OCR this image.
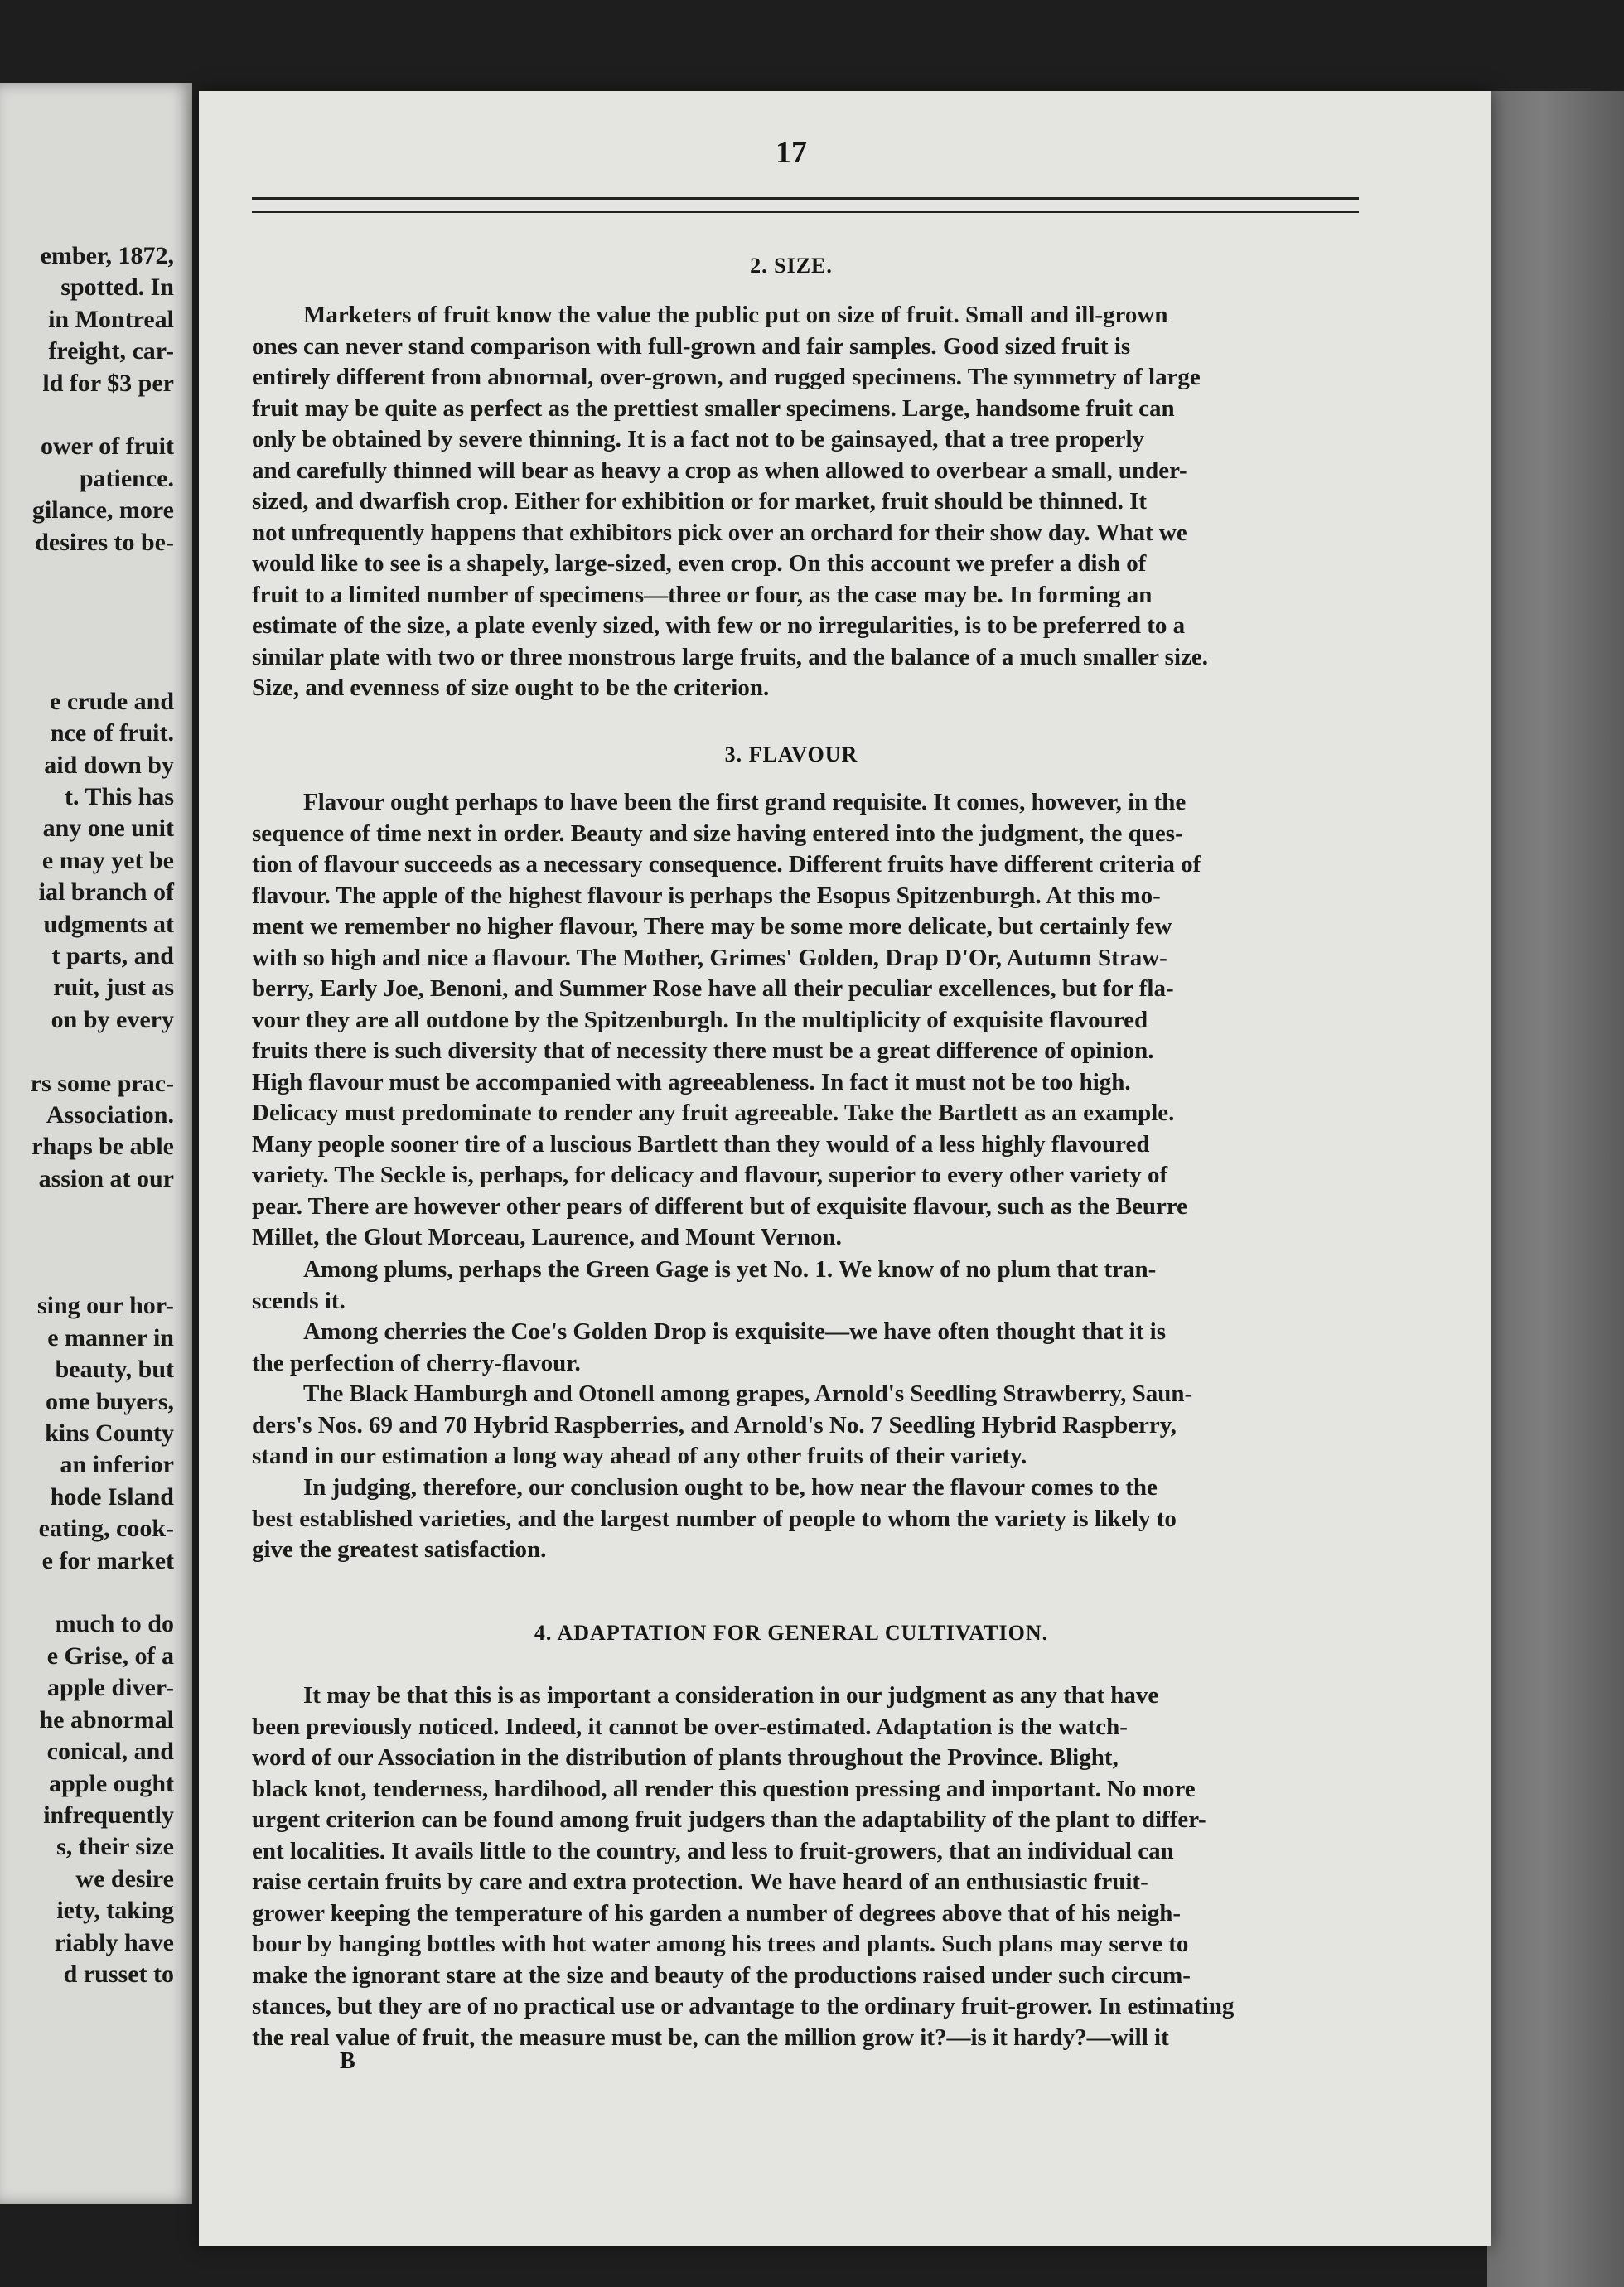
ember, 1872,
spotted. In
in Montreal
freight, car-
ld for $3 per

ower of fruit
patience.
gilance, more
desires to be-

e crude and
nce of fruit.
aid down by
t. This has
any one unit
e may yet be
ial branch of
udgments at
t parts, and
ruit, just as
on by every

rs some prac-
Association.
rhaps be able
assion at our

sing our hor-
e manner in
beauty, but
ome buyers,
kins County
an inferior
hode Island
eating, cook-
e for market

much to do
e Grise, of a
apple diver-
he abnormal
conical, and
apple ought
infrequently
s, their size
we desire
iety, taking
riably have
d russet to
17
2. SIZE.
Marketers of fruit know the value the public put on size of fruit. Small and ill-grown
ones can never stand comparison with full-grown and fair samples. Good sized fruit is
entirely different from abnormal, over-grown, and rugged specimens. The symmetry of large
fruit may be quite as perfect as the prettiest smaller specimens. Large, handsome fruit can
only be obtained by severe thinning. It is a fact not to be gainsayed, that a tree properly
and carefully thinned will bear as heavy a crop as when allowed to overbear a small, under-
sized, and dwarfish crop. Either for exhibition or for market, fruit should be thinned. It
not unfrequently happens that exhibitors pick over an orchard for their show day. What we
would like to see is a shapely, large-sized, even crop. On this account we prefer a dish of
fruit to a limited number of specimens—three or four, as the case may be. In forming an
estimate of the size, a plate evenly sized, with few or no irregularities, is to be preferred to a
similar plate with two or three monstrous large fruits, and the balance of a much smaller size.
Size, and evenness of size ought to be the criterion.
3. FLAVOUR
Flavour ought perhaps to have been the first grand requisite. It comes, however, in the
sequence of time next in order. Beauty and size having entered into the judgment, the ques-
tion of flavour succeeds as a necessary consequence. Different fruits have different criteria of
flavour. The apple of the highest flavour is perhaps the Esopus Spitzenburgh. At this mo-
ment we remember no higher flavour, There may be some more delicate, but certainly few
with so high and nice a flavour. The Mother, Grimes' Golden, Drap D'Or, Autumn Straw-
berry, Early Joe, Benoni, and Summer Rose have all their peculiar excellences, but for fla-
vour they are all outdone by the Spitzenburgh. In the multiplicity of exquisite flavoured
fruits there is such diversity that of necessity there must be a great difference of opinion.
High flavour must be accompanied with agreeableness. In fact it must not be too high.
Delicacy must predominate to render any fruit agreeable. Take the Bartlett as an example.
Many people sooner tire of a luscious Bartlett than they would of a less highly flavoured
variety. The Seckle is, perhaps, for delicacy and flavour, superior to every other variety of
pear. There are however other pears of different but of exquisite flavour, such as the Beurre
Millet, the Glout Morceau, Laurence, and Mount Vernon.
Among plums, perhaps the Green Gage is yet No. 1. We know of no plum that tran-
scends it.
Among cherries the Coe's Golden Drop is exquisite—we have often thought that it is
the perfection of cherry-flavour.
The Black Hamburgh and Otonell among grapes, Arnold's Seedling Strawberry, Saun-
ders's Nos. 69 and 70 Hybrid Raspberries, and Arnold's No. 7 Seedling Hybrid Raspberry,
stand in our estimation a long way ahead of any other fruits of their variety.
In judging, therefore, our conclusion ought to be, how near the flavour comes to the
best established varieties, and the largest number of people to whom the variety is likely to
give the greatest satisfaction.
4. ADAPTATION FOR GENERAL CULTIVATION.
It may be that this is as important a consideration in our judgment as any that have
been previously noticed. Indeed, it cannot be over-estimated. Adaptation is the watch-
word of our Association in the distribution of plants throughout the Province. Blight,
black knot, tenderness, hardihood, all render this question pressing and important. No more
urgent criterion can be found among fruit judgers than the adaptability of the plant to differ-
ent localities. It avails little to the country, and less to fruit-growers, that an individual can
raise certain fruits by care and extra protection. We have heard of an enthusiastic fruit-
grower keeping the temperature of his garden a number of degrees above that of his neigh-
bour by hanging bottles with hot water among his trees and plants. Such plans may serve to
make the ignorant stare at the size and beauty of the productions raised under such circum-
stances, but they are of no practical use or advantage to the ordinary fruit-grower. In estimating
the real value of fruit, the measure must be, can the million grow it?—is it hardy?—will it
B
